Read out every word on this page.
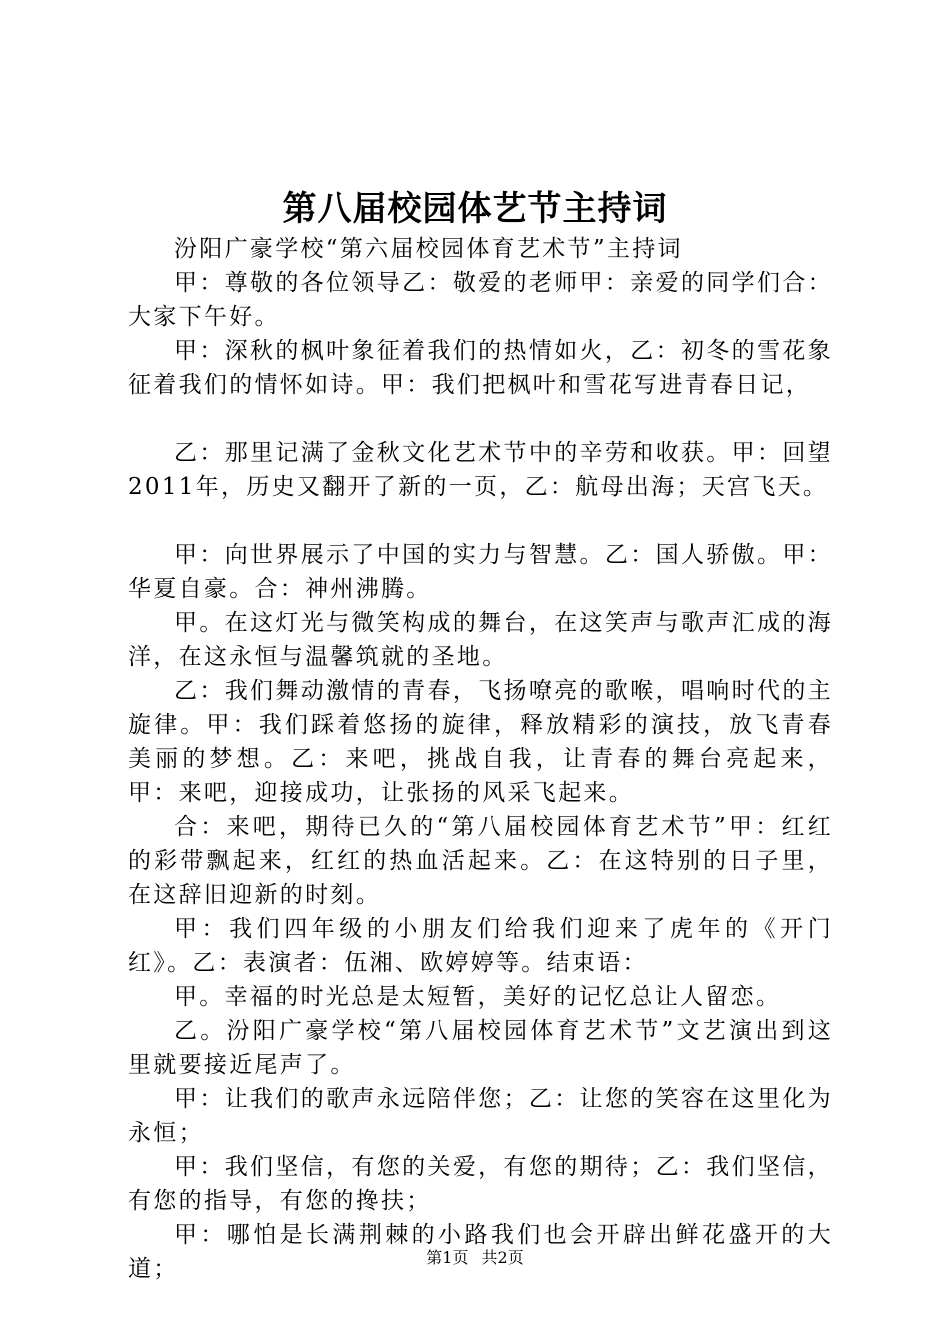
第八届校园体艺节主持词

汾阳广豪学校“第六届校园体育艺术节”主持词

甲：尊敬的各位领导乙：敬爱的老师甲：亲爱的同学们合：大家下午好。

甲：深秋的枫叶象征着我们的热情如火，乙：初冬的雪花象征着我们的情怀如诗。甲：我们把枫叶和雪花写进青春日记，

乙：那里记满了金秋文化艺术节中的辛劳和收获。甲：回望2011年，历史又翻开了新的一页，乙：航母出海；天宫飞天。

甲：向世界展示了中国的实力与智慧。乙：国人骄傲。甲：华夏自豪。合：神州沸腾。

甲。在这灯光与微笑构成的舞台，在这笑声与歌声汇成的海洋，在这永恒与温馨筑就的圣地。

乙：我们舞动激情的青春，飞扬嘹亮的歌喉，唱响时代的主旋律。甲：我们踩着悠扬的旋律，释放精彩的演技，放飞青春美丽的梦想。乙：来吧，挑战自我，让青春的舞台亮起来，甲：来吧，迎接成功，让张扬的风采飞起来。

合：来吧，期待已久的“第八届校园体育艺术节”甲：红红的彩带飘起来，红红的热血活起来。乙：在这特别的日子里，在这辞旧迎新的时刻。

甲：我们四年级的小朋友们给我们迎来了虎年的《开门红》。乙：表演者：伍湘、欧婷婷等。结束语：

甲。幸福的时光总是太短暂，美好的记忆总让人留恋。

乙。汾阳广豪学校“第八届校园体育艺术节”文艺演出到这里就要接近尾声了。

甲：让我们的歌声永远陪伴您；乙：让您的笑容在这里化为永恒；

甲：我们坚信，有您的关爱，有您的期待；乙：我们坚信，有您的指导，有您的搀扶；

甲：哪怕是长满荆棘的小路我们也会开辟出鲜花盛开的大道；	第1页 共2页
